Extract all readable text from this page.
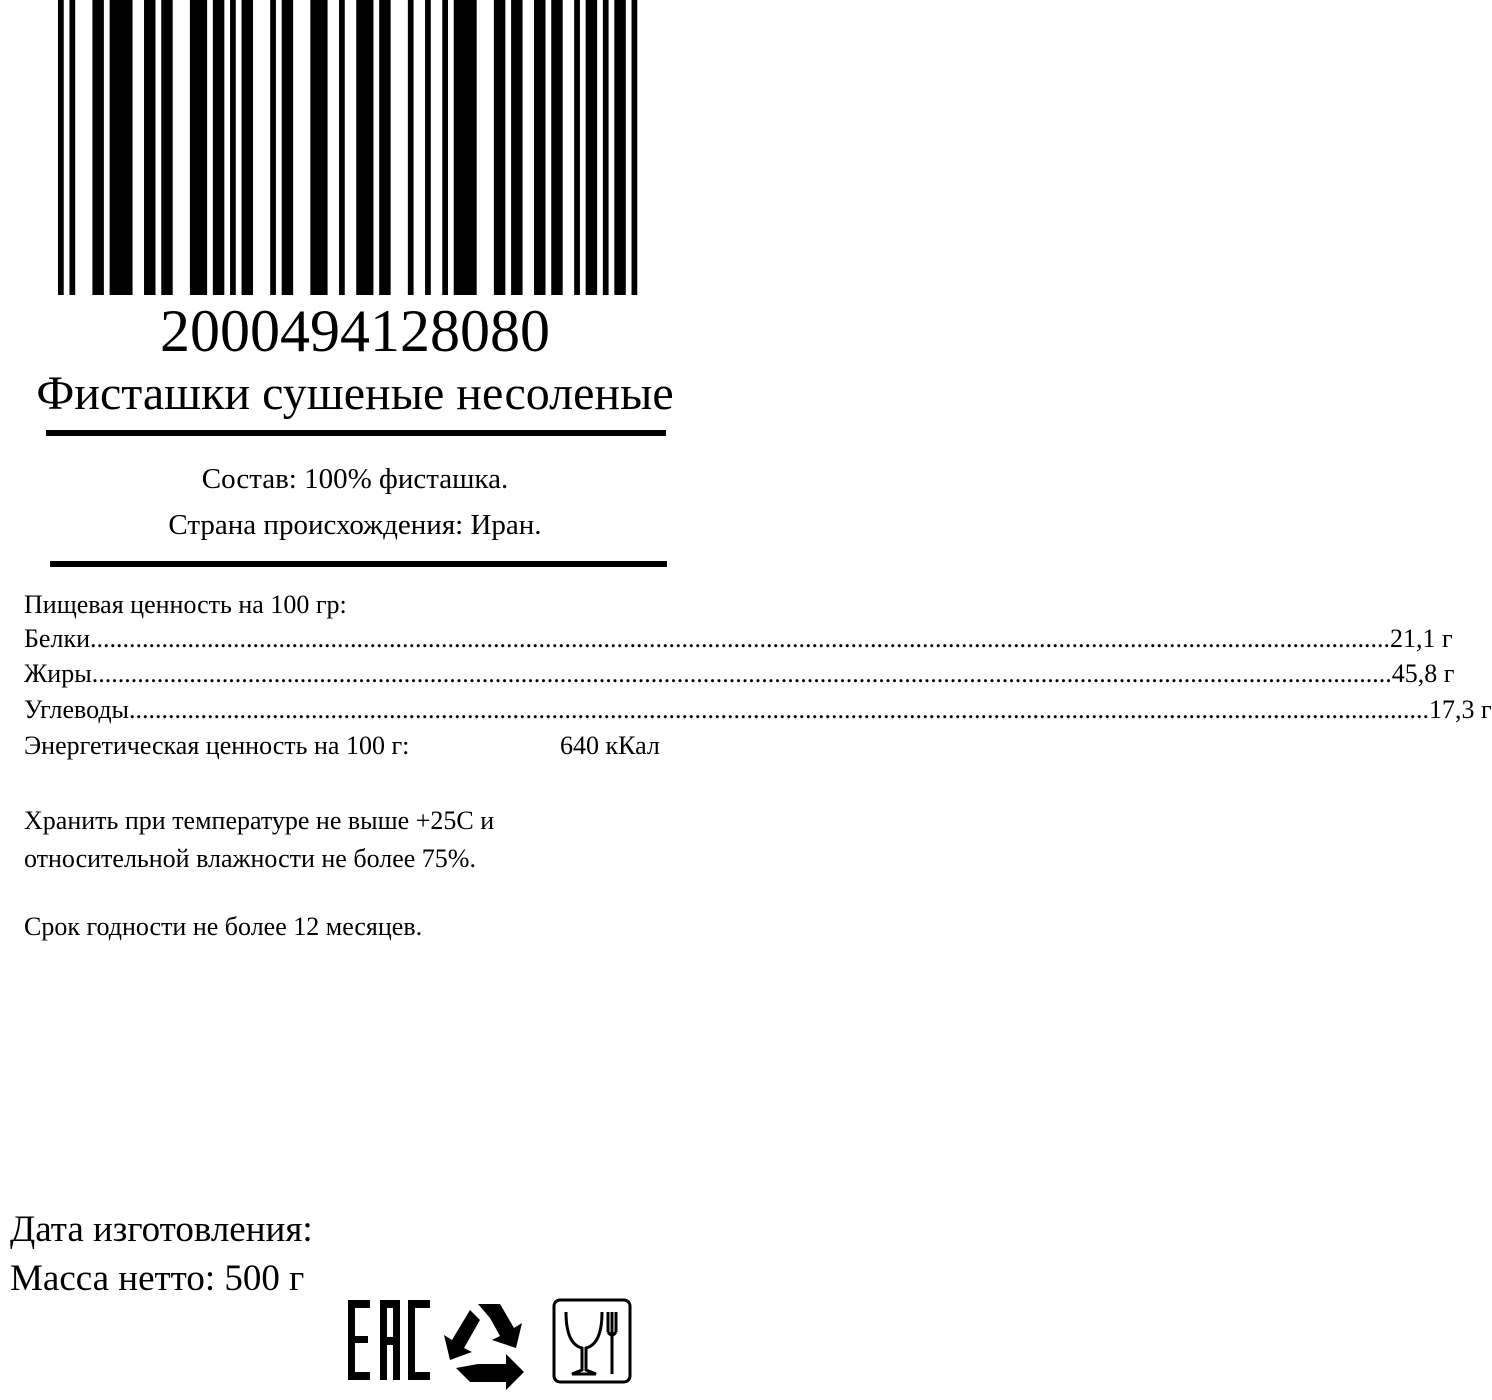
2000494128080
Фисташки сушеные несоленые
Состав: 100% фисташка.
Страна происхождения: Иран.
Пищевая ценность на 100 гр:
Белки ........................................................................................................................................................................................................ 21,1 г
Жиры ........................................................................................................................................................................................................ 45,8 г
Углеводы ........................................................................................................................................................................................................ 17,3 г
Энергетическая ценность на 100 г:	640 кКал
Хранить при температуре не выше +25С и
относительной влажности не более 75%.
Срок годности не более 12 месяцев.
Дата изготовления:
Масса нетто: 500 г
